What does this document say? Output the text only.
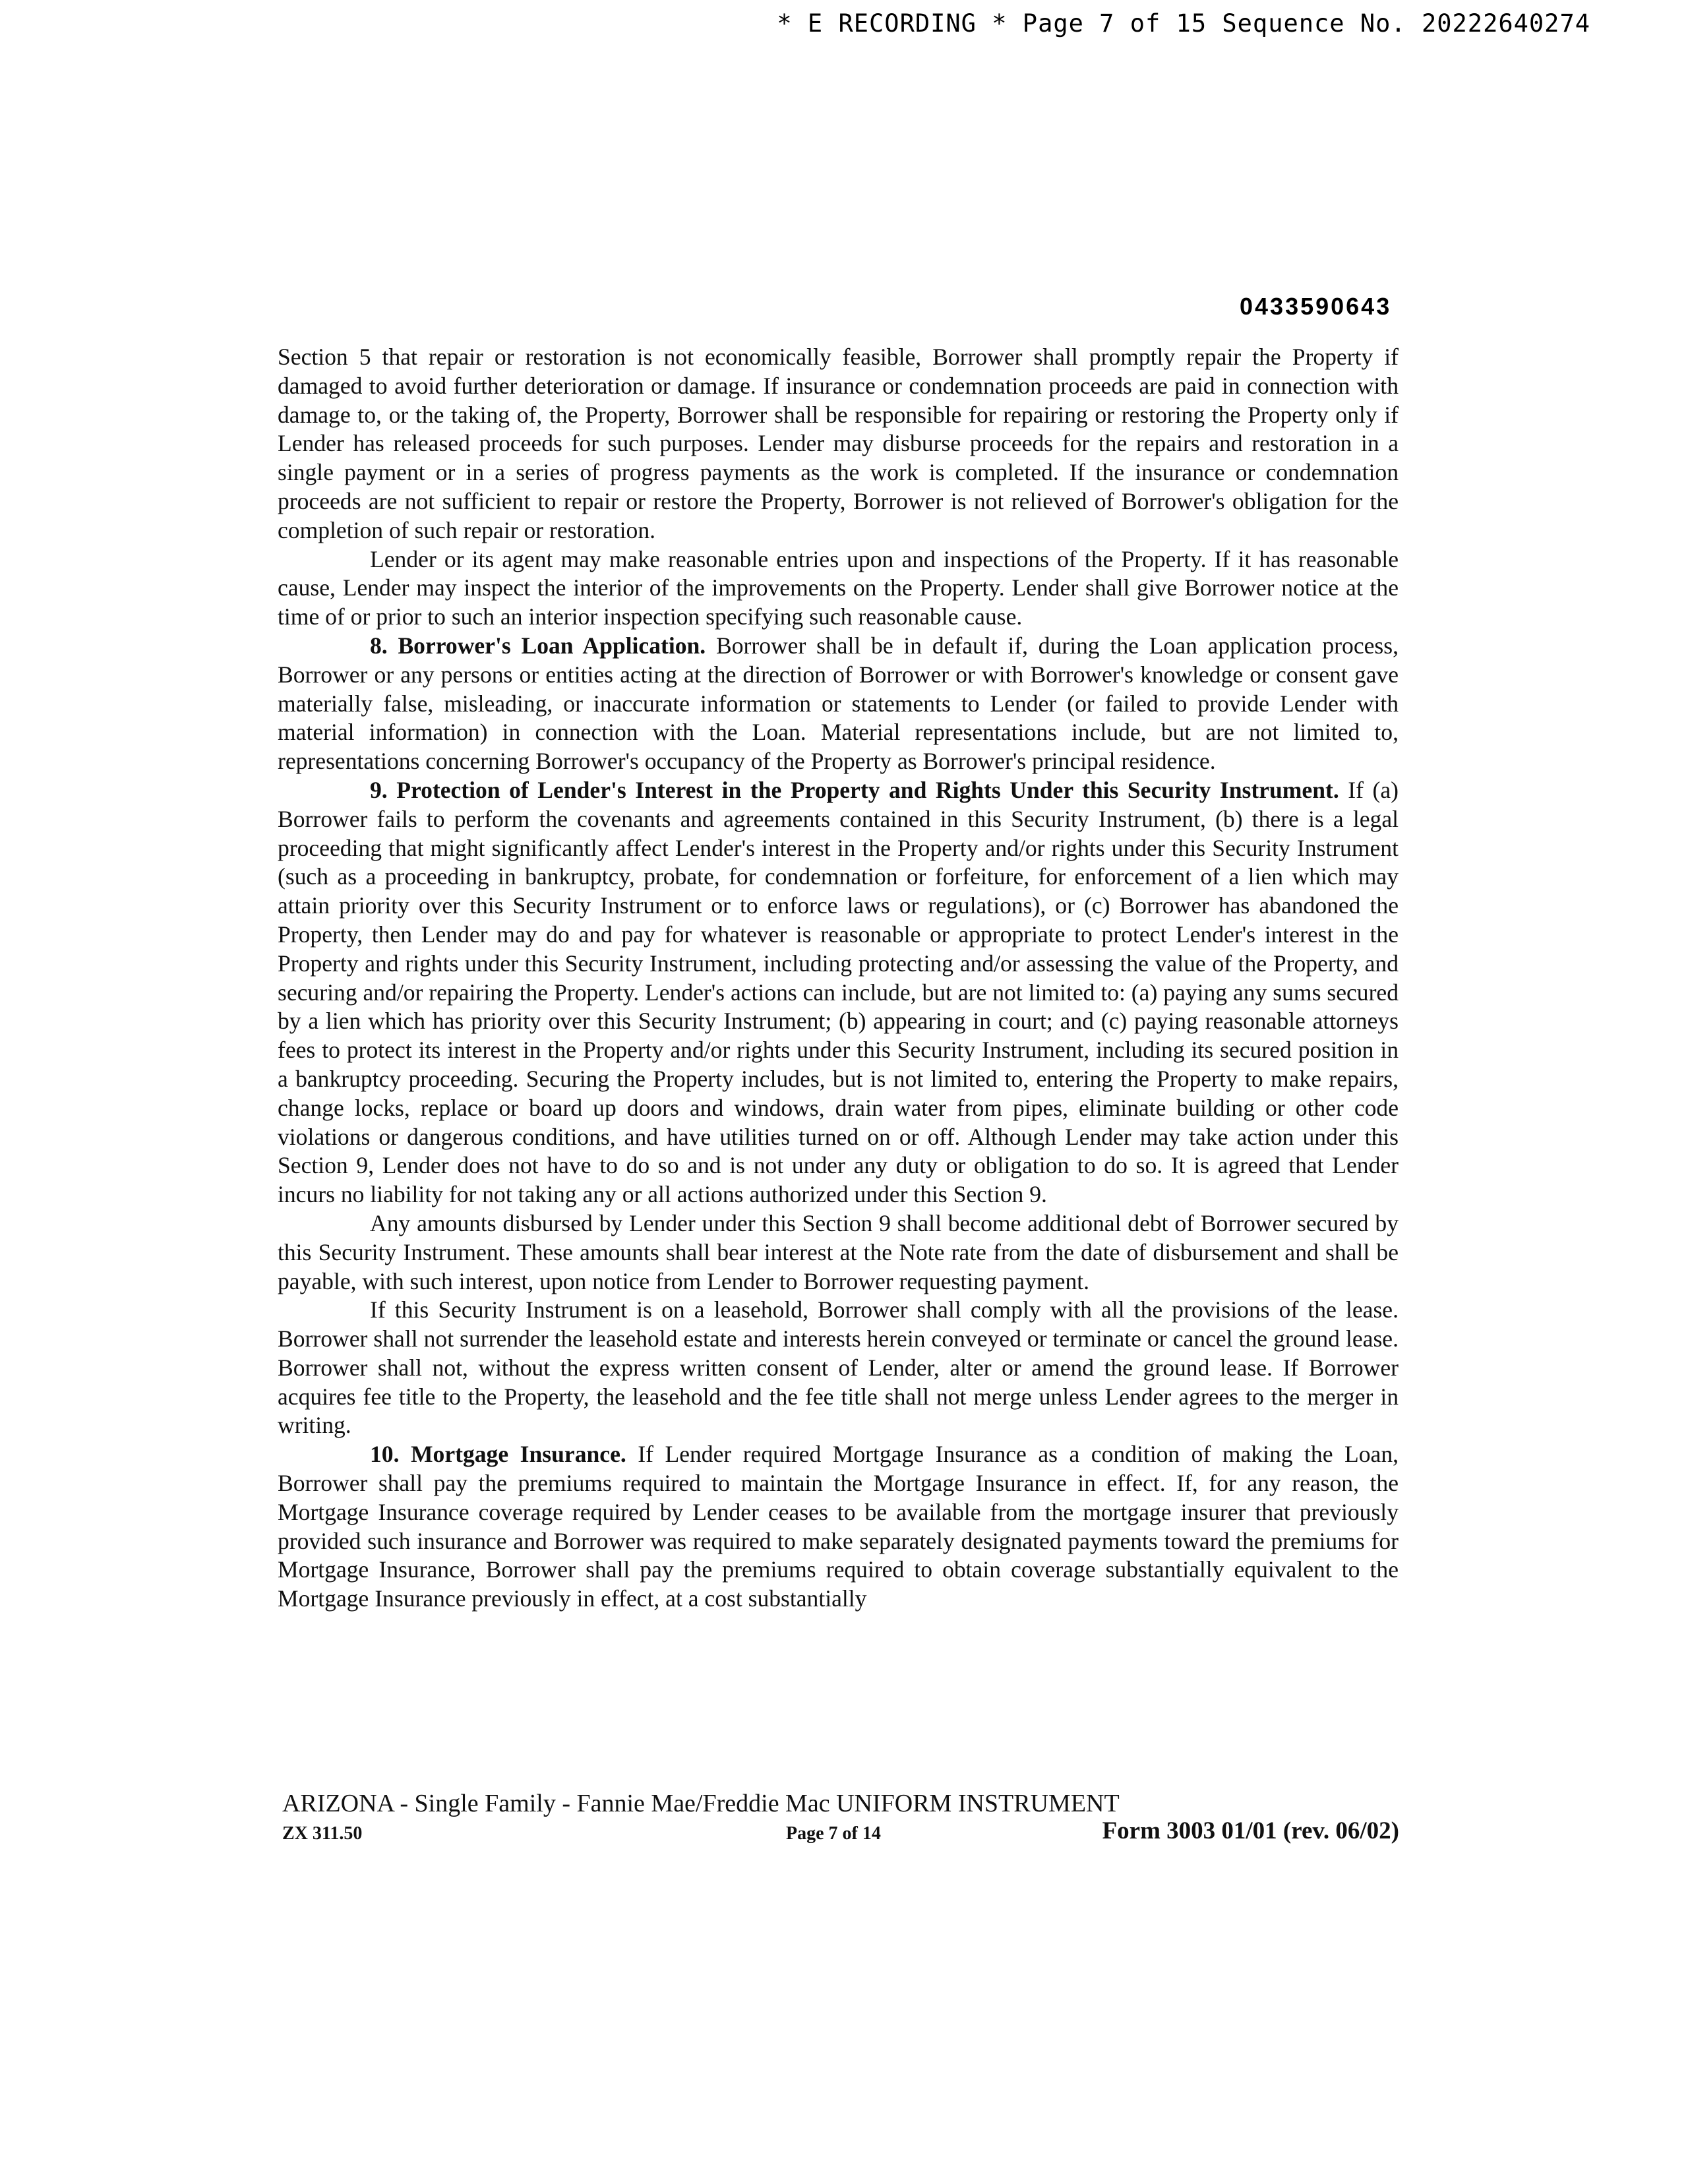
* E RECORDING * Page 7 of 15 Sequence No. 20222640274
0433590643

Section 5 that repair or restoration is not economically feasible, Borrower shall promptly repair the Property if damaged to avoid further deterioration or damage. If insurance or condemnation proceeds are paid in connection with damage to, or the taking of, the Property, Borrower shall be responsible for repairing or restoring the Property only if Lender has released proceeds for such purposes. Lender may disburse proceeds for the repairs and restoration in a single payment or in a series of progress payments as the work is completed. If the insurance or condemnation proceeds are not sufficient to repair or restore the Property, Borrower is not relieved of Borrower's obligation for the completion of such repair or restoration.

Lender or its agent may make reasonable entries upon and inspections of the Property. If it has reasonable cause, Lender may inspect the interior of the improvements on the Property. Lender shall give Borrower notice at the time of or prior to such an interior inspection specifying such reasonable cause.

8. Borrower's Loan Application. Borrower shall be in default if, during the Loan application process, Borrower or any persons or entities acting at the direction of Borrower or with Borrower's knowledge or consent gave materially false, misleading, or inaccurate information or statements to Lender (or failed to provide Lender with material information) in connection with the Loan. Material representations include, but are not limited to, representations concerning Borrower's occupancy of the Property as Borrower's principal residence.

9. Protection of Lender's Interest in the Property and Rights Under this Security Instrument. If (a) Borrower fails to perform the covenants and agreements contained in this Security Instrument, (b) there is a legal proceeding that might significantly affect Lender's interest in the Property and/or rights under this Security Instrument (such as a proceeding in bankruptcy, probate, for condemnation or forfeiture, for enforcement of a lien which may attain priority over this Security Instrument or to enforce laws or regulations), or (c) Borrower has abandoned the Property, then Lender may do and pay for whatever is reasonable or appropriate to protect Lender's interest in the Property and rights under this Security Instrument, including protecting and/or assessing the value of the Property, and securing and/or repairing the Property. Lender's actions can include, but are not limited to: (a) paying any sums secured by a lien which has priority over this Security Instrument; (b) appearing in court; and (c) paying reasonable attorneys fees to protect its interest in the Property and/or rights under this Security Instrument, including its secured position in a bankruptcy proceeding. Securing the Property includes, but is not limited to, entering the Property to make repairs, change locks, replace or board up doors and windows, drain water from pipes, eliminate building or other code violations or dangerous conditions, and have utilities turned on or off. Although Lender may take action under this Section 9, Lender does not have to do so and is not under any duty or obligation to do so. It is agreed that Lender incurs no liability for not taking any or all actions authorized under this Section 9.

Any amounts disbursed by Lender under this Section 9 shall become additional debt of Borrower secured by this Security Instrument. These amounts shall bear interest at the Note rate from the date of disbursement and shall be payable, with such interest, upon notice from Lender to Borrower requesting payment.

If this Security Instrument is on a leasehold, Borrower shall comply with all the provisions of the lease. Borrower shall not surrender the leasehold estate and interests herein conveyed or terminate or cancel the ground lease. Borrower shall not, without the express written consent of Lender, alter or amend the ground lease. If Borrower acquires fee title to the Property, the leasehold and the fee title shall not merge unless Lender agrees to the merger in writing.

10. Mortgage Insurance. If Lender required Mortgage Insurance as a condition of making the Loan, Borrower shall pay the premiums required to maintain the Mortgage Insurance in effect. If, for any reason, the Mortgage Insurance coverage required by Lender ceases to be available from the mortgage insurer that previously provided such insurance and Borrower was required to make separately designated payments toward the premiums for Mortgage Insurance, Borrower shall pay the premiums required to obtain coverage substantially equivalent to the Mortgage Insurance previously in effect, at a cost substantially

ARIZONA - Single Family - Fannie Mae/Freddie Mac UNIFORM INSTRUMENT
ZX 311.50	Page 7 of 14	Form 3003 01/01 (rev. 06/02)
